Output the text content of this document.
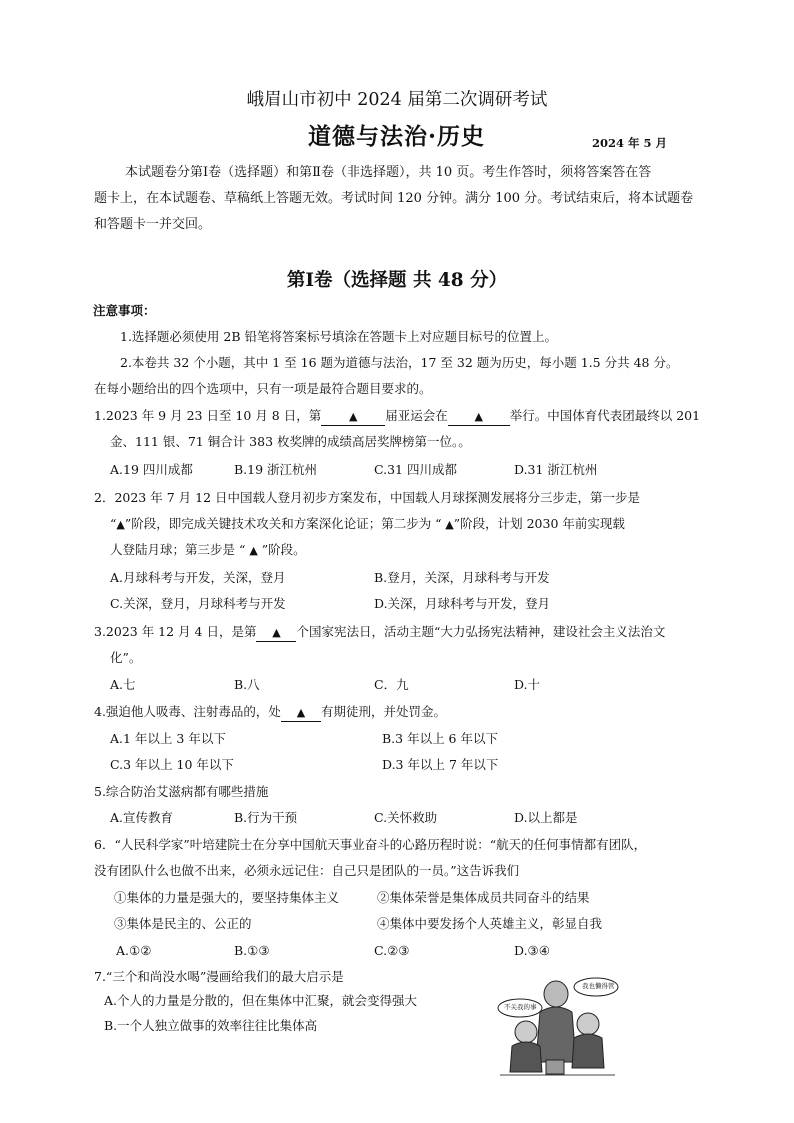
峨眉山市初中 2024 届第二次调研考试
道德与法治·历史	2024 年 5 月
本试题卷分第Ⅰ卷（选择题）和第Ⅱ卷（非选择题），共 10 页。考生作答时，须将答案答在答
题卡上，在本试题卷、草稿纸上答题无效。考试时间 120 分钟。满分 100 分。考试结束后，将本试题卷
和答题卡一并交回。
第Ⅰ卷（选择题 共 48 分）
注意事项：
1.选择题必须使用 2B 铅笔将答案标号填涂在答题卡上对应题目标号的位置上。
2.本卷共 32 个小题，其中 1 至 16 题为道德与法治，17 至 32 题为历史，每小题 1.5 分共 48 分。
在每小题给出的四个选项中，只有一项是最符合题目要求的。
1.2023 年 9 月 23 日至 10 月 8 日，第	▲ 届亚运会在 ▲ 举行。中国体育代表团最终以 201
金、111 银、71 铜合计 383 枚奖牌的成绩高居奖牌榜第一位。。
A.19 四川成都	B.19 浙江杭州	C.31 四川成都	D.31 浙江杭州
2．2023 年 7 月 12 日中国载人登月初步方案发布，中国载人月球探测发展将分三步走，第一步是
“▲”阶段，即完成关键技术攻关和方案深化论证；第二步为 “ ▲”阶段，计划 2030 年前实现载
人登陆月球；第三步是 “ ▲ ”阶段。
A.月球科考与开发，关深，登月	B.登月，关深，月球科考与开发
C.关深，登月，月球科考与开发	D.关深，月球科考与开发，登月
3.2023 年 12 月 4 日，是第 ▲ 个国家宪法日，活动主题“大力弘扬宪法精神，建设社会主义法治文
化”。
A.七	B.八	C．九	D.十
4.强迫他人吸毒、注射毒品的，处 ▲ 有期徒刑，并处罚金。
A.1 年以上 3 年以下	B.3 年以上 6 年以下
C.3 年以上 10 年以下	D.3 年以上 7 年以下
5.综合防治艾滋病都有哪些措施
A.宣传教育	B.行为干预	C.关怀救助	D.以上都是
6．“人民科学家”叶培建院士在分享中国航天事业奋斗的心路历程时说：“航天的任何事情都有团队，
没有团队什么也做不出来，必须永远记住：自己只是团队的一员。”这告诉我们
①集体的力量是强大的，要坚持集体主义	②集体荣誉是集体成员共同奋斗的结果
③集体是民主的、公正的	④集体中要发扬个人英雄主义，彰显自我
A.①②	B.①③	C.②③	D.③④
7.“三个和尚没水喝”漫画给我们的最大启示是
A.个人的力量是分散的，但在集体中汇聚，就会变得强大
B.一个人独立做事的效率往往比集体高
不关我的事
我也懒得管
